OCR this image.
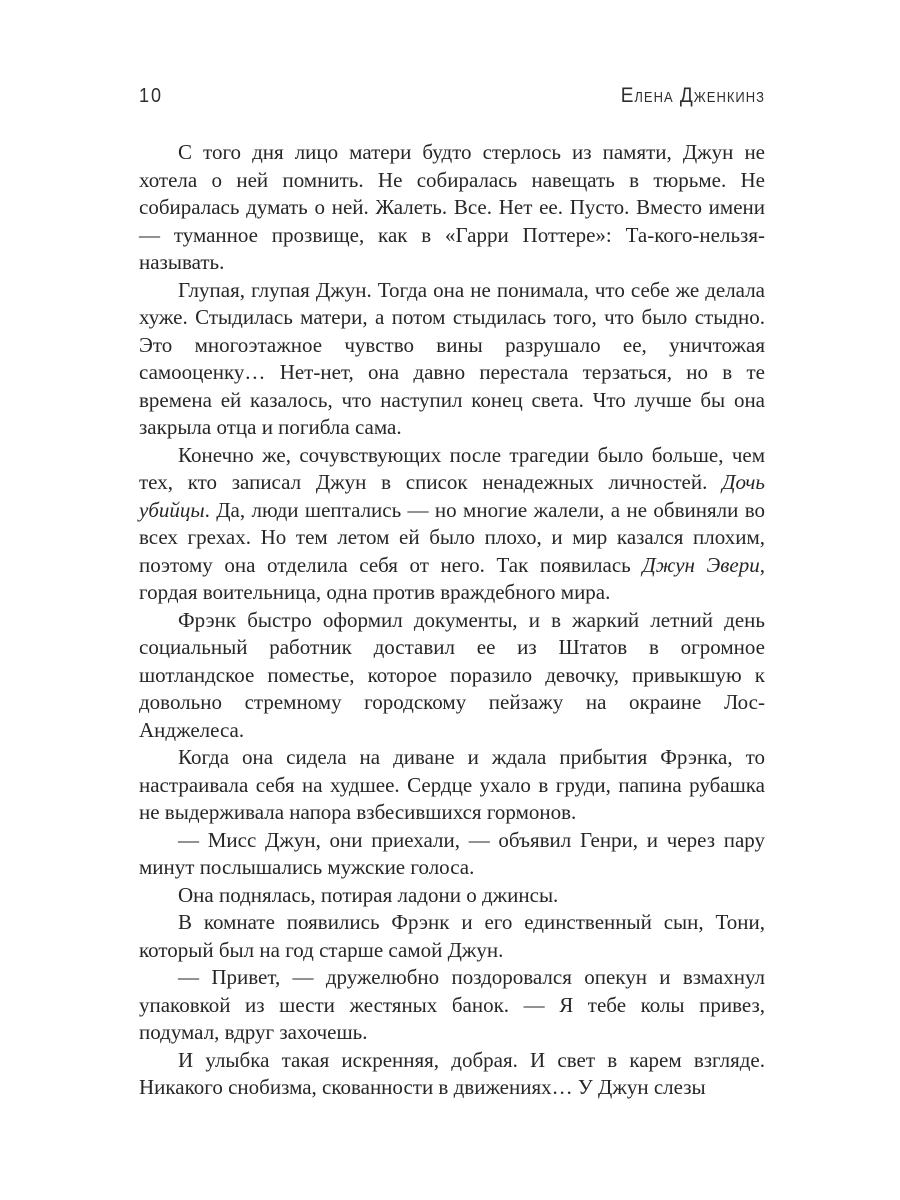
10	Елена Дженкинз

С того дня лицо матери будто стерлось из памяти, Джун не хотела о ней помнить. Не собиралась навещать в тюрьме. Не собиралась думать о ней. Жалеть. Все. Нет ее. Пусто. Вместо имени — туманное прозвище, как в «Гарри Поттере»: Та-кого-нельзя-называть.

Глупая, глупая Джун. Тогда она не понимала, что себе же делала хуже. Стыдилась матери, а потом стыдилась того, что было стыдно. Это многоэтажное чувство вины разрушало ее, уничтожая самооценку… Нет-нет, она давно перестала терзаться, но в те времена ей казалось, что наступил конец света. Что лучше бы она закрыла отца и погибла сама.

Конечно же, сочувствующих после трагедии было больше, чем тех, кто записал Джун в список ненадежных личностей. Дочь убийцы. Да, люди шептались — но многие жалели, а не обвиняли во всех грехах. Но тем летом ей было плохо, и мир казался плохим, поэтому она отделила себя от него. Так появилась Джун Эвери, гордая воительница, одна против враждебного мира.

Фрэнк быстро оформил документы, и в жаркий летний день социальный работник доставил ее из Штатов в огромное шотландское поместье, которое поразило девочку, привыкшую к довольно стремному городскому пейзажу на окраине Лос-Анджелеса.

Когда она сидела на диване и ждала прибытия Фрэнка, то настраивала себя на худшее. Сердце ухало в груди, папина рубашка не выдерживала напора взбесившихся гормонов.

— Мисс Джун, они приехали, — объявил Генри, и через пару минут послышались мужские голоса.

Она поднялась, потирая ладони о джинсы.

В комнате появились Фрэнк и его единственный сын, Тони, который был на год старше самой Джун.

— Привет, — дружелюбно поздоровался опекун и взмахнул упаковкой из шести жестяных банок. — Я тебе колы привез, подумал, вдруг захочешь.

И улыбка такая искренняя, добрая. И свет в карем взгляде. Никакого снобизма, скованности в движениях… У Джун слезы
